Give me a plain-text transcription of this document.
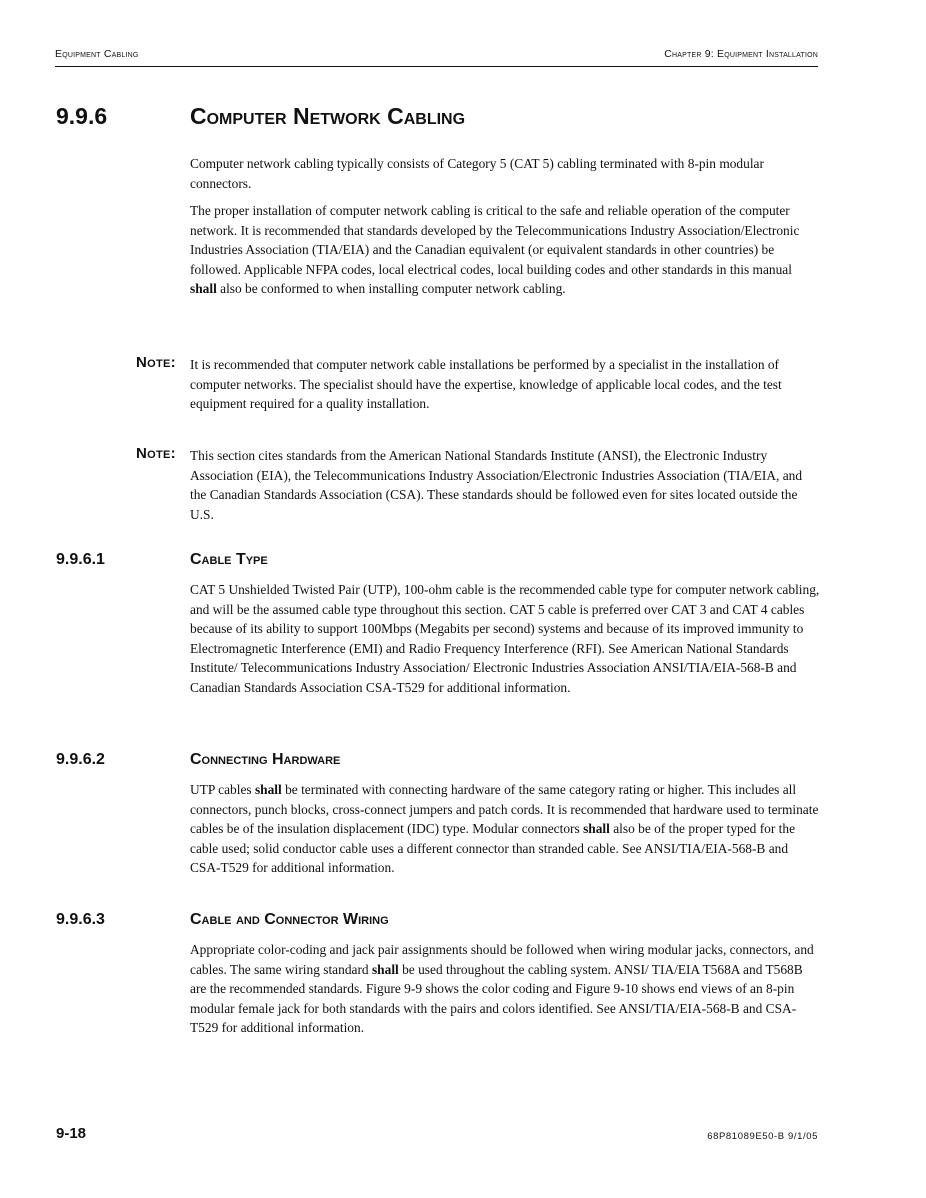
Equipment Cabling	Chapter 9: Equipment Installation
9.9.6	Computer Network Cabling
Computer network cabling typically consists of Category 5 (CAT 5) cabling terminated with 8-pin modular connectors.
The proper installation of computer network cabling is critical to the safe and reliable operation of the computer network. It is recommended that standards developed by the Telecommunications Industry Association/Electronic Industries Association (TIA/EIA) and the Canadian equivalent (or equivalent standards in other countries) be followed. Applicable NFPA codes, local electrical codes, local building codes and other standards in this manual shall also be conformed to when installing computer network cabling.
Note: It is recommended that computer network cable installations be performed by a specialist in the installation of computer networks. The specialist should have the expertise, knowledge of applicable local codes, and the test equipment required for a quality installation.
Note: This section cites standards from the American National Standards Institute (ANSI), the Electronic Industry Association (EIA), the Telecommunications Industry Association/Electronic Industries Association (TIA/EIA, and the Canadian Standards Association (CSA). These standards should be followed even for sites located outside the U.S.
9.9.6.1	Cable Type
CAT 5 Unshielded Twisted Pair (UTP), 100-ohm cable is the recommended cable type for computer network cabling, and will be the assumed cable type throughout this section. CAT 5 cable is preferred over CAT 3 and CAT 4 cables because of its ability to support 100Mbps (Megabits per second) systems and because of its improved immunity to Electromagnetic Interference (EMI) and Radio Frequency Interference (RFI). See American National Standards Institute/ Telecommunications Industry Association/ Electronic Industries Association ANSI/TIA/EIA-568-B and Canadian Standards Association CSA-T529 for additional information.
9.9.6.2	Connecting Hardware
UTP cables shall be terminated with connecting hardware of the same category rating or higher. This includes all connectors, punch blocks, cross-connect jumpers and patch cords. It is recommended that hardware used to terminate cables be of the insulation displacement (IDC) type. Modular connectors shall also be of the proper typed for the cable used; solid conductor cable uses a different connector than stranded cable. See ANSI/TIA/EIA-568-B and CSA-T529 for additional information.
9.9.6.3	Cable and Connector Wiring
Appropriate color-coding and jack pair assignments should be followed when wiring modular jacks, connectors, and cables. The same wiring standard shall be used throughout the cabling system. ANSI/ TIA/EIA T568A and T568B are the recommended standards. Figure 9-9 shows the color coding and Figure 9-10 shows end views of an 8-pin modular female jack for both standards with the pairs and colors identified. See ANSI/TIA/EIA-568-B and CSA-T529 for additional information.
9-18	68P81089E50-B 9/1/05
